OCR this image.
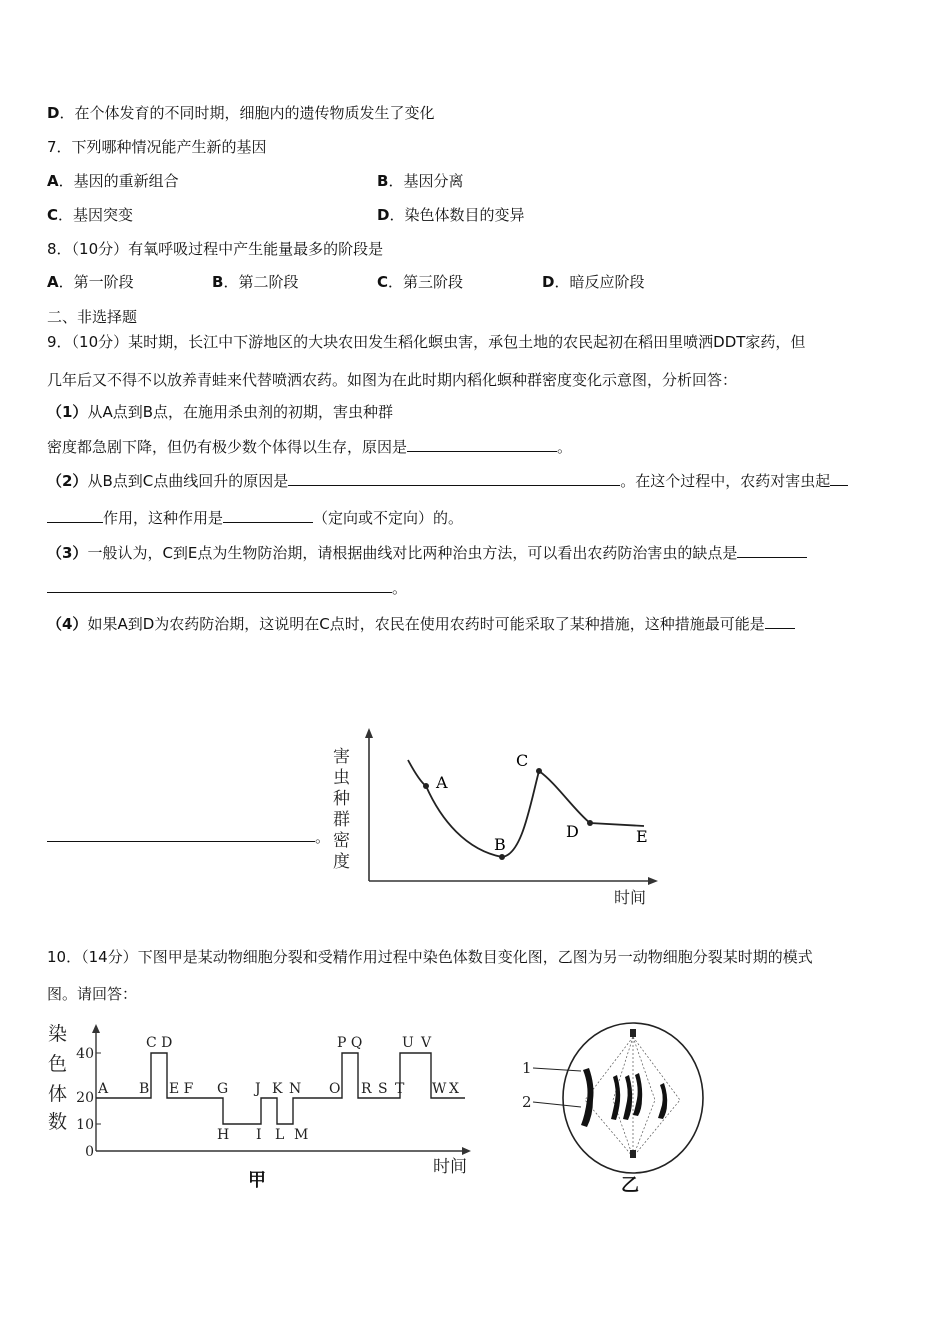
D．在个体发育的不同时期，细胞内的遗传物质发生了变化
7．下列哪种情况能产生新的基因
A．基因的重新组合	B．基因分离
C．基因突变	D．染色体数目的变异
8．（10分）有氧呼吸过程中产生能量最多的阶段是
A．第一阶段	B．第二阶段	C．第三阶段	D．暗反应阶段
二、非选择题
9．（10分）某时期，长江中下游地区的大块农田发生稻化螟虫害，承包土地的农民起初在稻田里喷洒DDT家药，但
几年后又不得不以放养青蛙来代替喷洒农药。如图为在此时期内稻化螟种群密度变化示意图，分析回答：
（1）从A点到B点，在施用杀虫剂的初期，害虫种群
密度都急剧下降，但仍有极少数个体得以生存，原因是	。
（2）从B点到C点曲线回升的原因是	。在这个过程中，农药对害虫起
作用，这种作用是	（定向或不定向）的。
（3）一般认为，C到E点为生物防治期，请根据曲线对比两种治虫方法，可以看出农药防治害虫的缺点是
。
（4）如果A到D为农药防治期，这说明在C点时，农民在使用农药时可能采取了某种措施，这种措施最可能是
。
害
虫
种
群
密
度
时间
A
B
C
D	E
10．（14分）下图甲是某动物细胞分裂和受精作用过程中染色体数目变化图，乙图为另一动物细胞分裂某时期的模式
图。请回答：
染
色
体
数
40
20
10
0
时间
A B
C D
E F G
H
J K N
I L M
O
P Q
R S T
U V
W X
甲
1
2
乙
